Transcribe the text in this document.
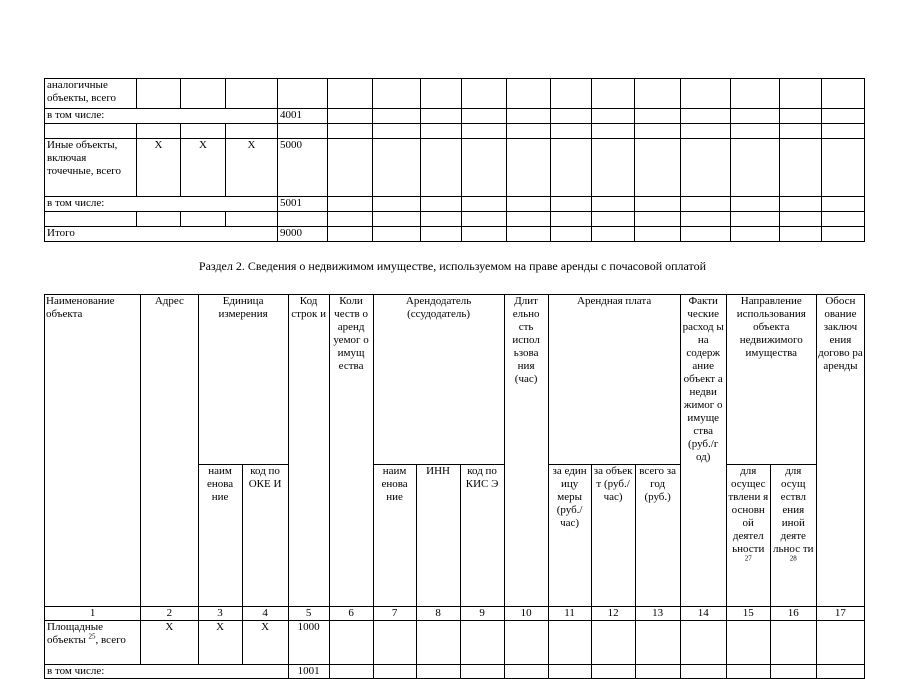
аналогичные объекты, всего																
в том числе:				4001												

Иные объекты, включая точечные, всего	Х	Х	Х	5000												
в том числе:				5001												

Итого				9000												
Раздел 2. Сведения о недвижимом имуществе, используемом на праве аренды с почасовой оплатой
Наименование объекта	Адрес	Единица измерения		Код строк и	Коли честв о аренд уемог о имущ ества	Арендодатель (ссудодатель)			Длит ельно сть испол ьзова ния (час)	Арендная плата			Факти ческие расход ы на содерж ание объект а недви жимог о имуще ства (руб./г од)	Направление использования объекта недвижимого имущества		Обосн ование заключ ения догово ра аренды
		наим енова ние	код по ОКЕ И			наим енова ние	ИНН	код по КИС Э		за един ицу меры (руб./ час)	за объек т (руб./ час)	всего за год (руб.)		для осущес твлени я основн ой деятел ьности $^{27}$	для осущ ествл ения иной деяте льнос ти $^{28}$	
1	2	3	4	5	6	7	8	9	10	11	12	13	14	15	16	17
Площадные объекты $^{25}$, всего	Х	Х	Х	1000												
в том числе:				1001												
